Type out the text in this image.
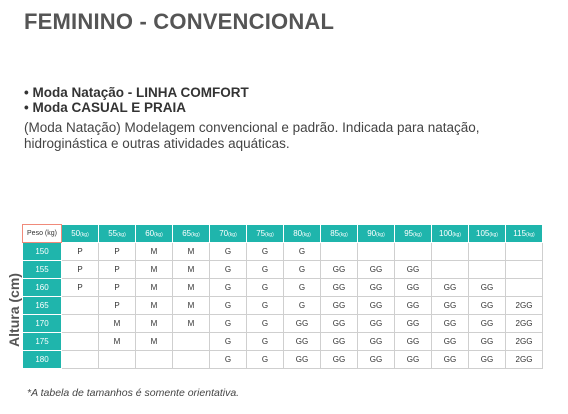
FEMININO - CONVENCIONAL
• Moda Natação - LINHA COMFORT
• Moda CASUAL E PRAIA
(Moda Natação) Modelagem convencional e padrão. Indicada para natação, hidroginástica e outras atividades aquáticas.
Altura (cm)
Peso (kg)	50(kg)	55(kg)	60(kg)	65(kg)	70(kg)	75(kg)	80(kg)	85(kg)	90(kg)	95(kg)	100(kg)	105(kg)	115(kg)
150	P	P	M	M	G	G	G						
155	P	P	M	M	G	G	G	GG	GG	GG			
160	P	P	M	M	G	G	G	GG	GG	GG	GG	GG	
165		P	M	M	G	G	G	GG	GG	GG	GG	GG	2GG
170		M	M	M	G	G	GG	GG	GG	GG	GG	GG	2GG
175		M	M		G	G	GG	GG	GG	GG	GG	GG	2GG
180					G	G	GG	GG	GG	GG	GG	GG	2GG
*A tabela de tamanhos é somente orientativa.
